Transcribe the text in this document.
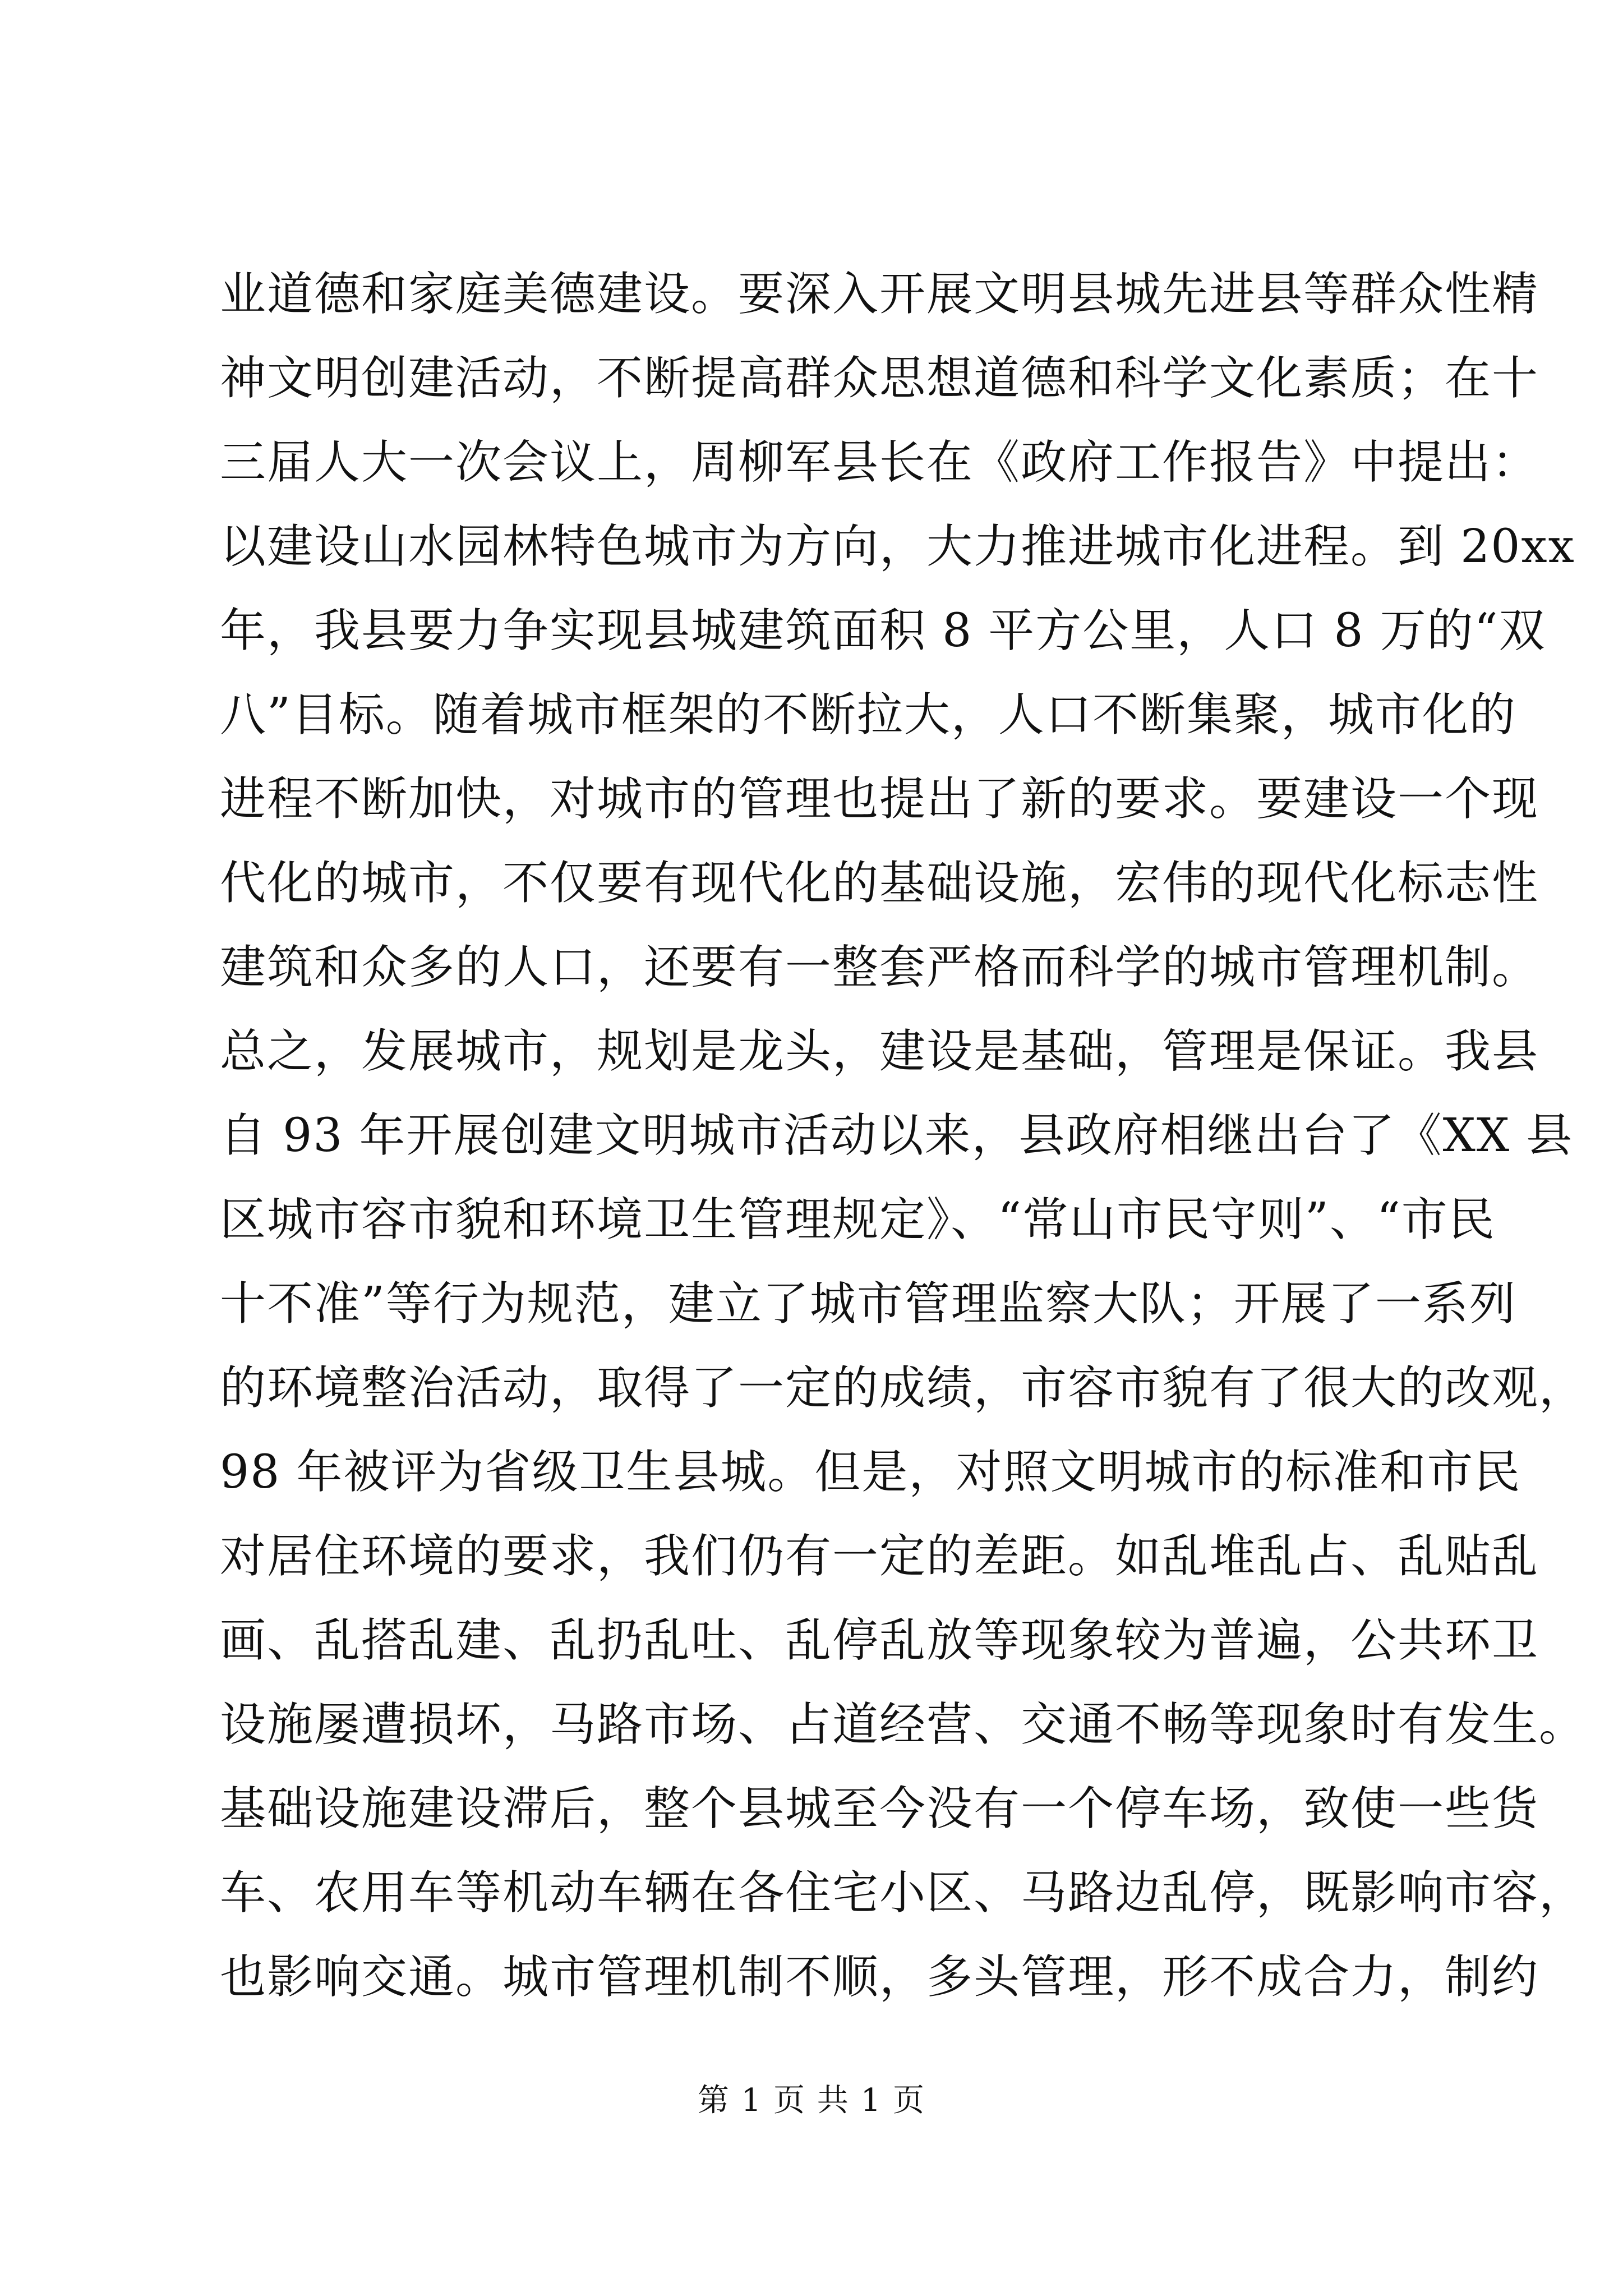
业道德和家庭美德建设。要深入开展文明县城先进县等群众性精
神文明创建活动，不断提高群众思想道德和科学文化素质；在十
三届人大一次会议上，周柳军县长在《政府工作报告》中提出：
以建设山水园林特色城市为方向，大力推进城市化进程。到 20xx
年，我县要力争实现县城建筑面积 8 平方公里，人口 8 万的“双
八”目标。随着城市框架的不断拉大，人口不断集聚，城市化的
进程不断加快，对城市的管理也提出了新的要求。要建设一个现
代化的城市，不仅要有现代化的基础设施，宏伟的现代化标志性
建筑和众多的人口，还要有一整套严格而科学的城市管理机制。
总之，发展城市，规划是龙头，建设是基础，管理是保证。我县
自 93 年开展创建文明城市活动以来，县政府相继出台了《XX 县
区城市容市貌和环境卫生管理规定》、“常山市民守则”、“市民
十不准”等行为规范，建立了城市管理监察大队；开展了一系列
的环境整治活动，取得了一定的成绩，市容市貌有了很大的改观，
98 年被评为省级卫生县城。但是，对照文明城市的标准和市民
对居住环境的要求，我们仍有一定的差距。如乱堆乱占、乱贴乱
画、乱搭乱建、乱扔乱吐、乱停乱放等现象较为普遍，公共环卫
设施屡遭损坏，马路市场、占道经营、交通不畅等现象时有发生。
基础设施建设滞后，整个县城至今没有一个停车场，致使一些货
车、农用车等机动车辆在各住宅小区、马路边乱停，既影响市容，
也影响交通。城市管理机制不顺，多头管理，形不成合力，制约
第 1 页 共 1 页
